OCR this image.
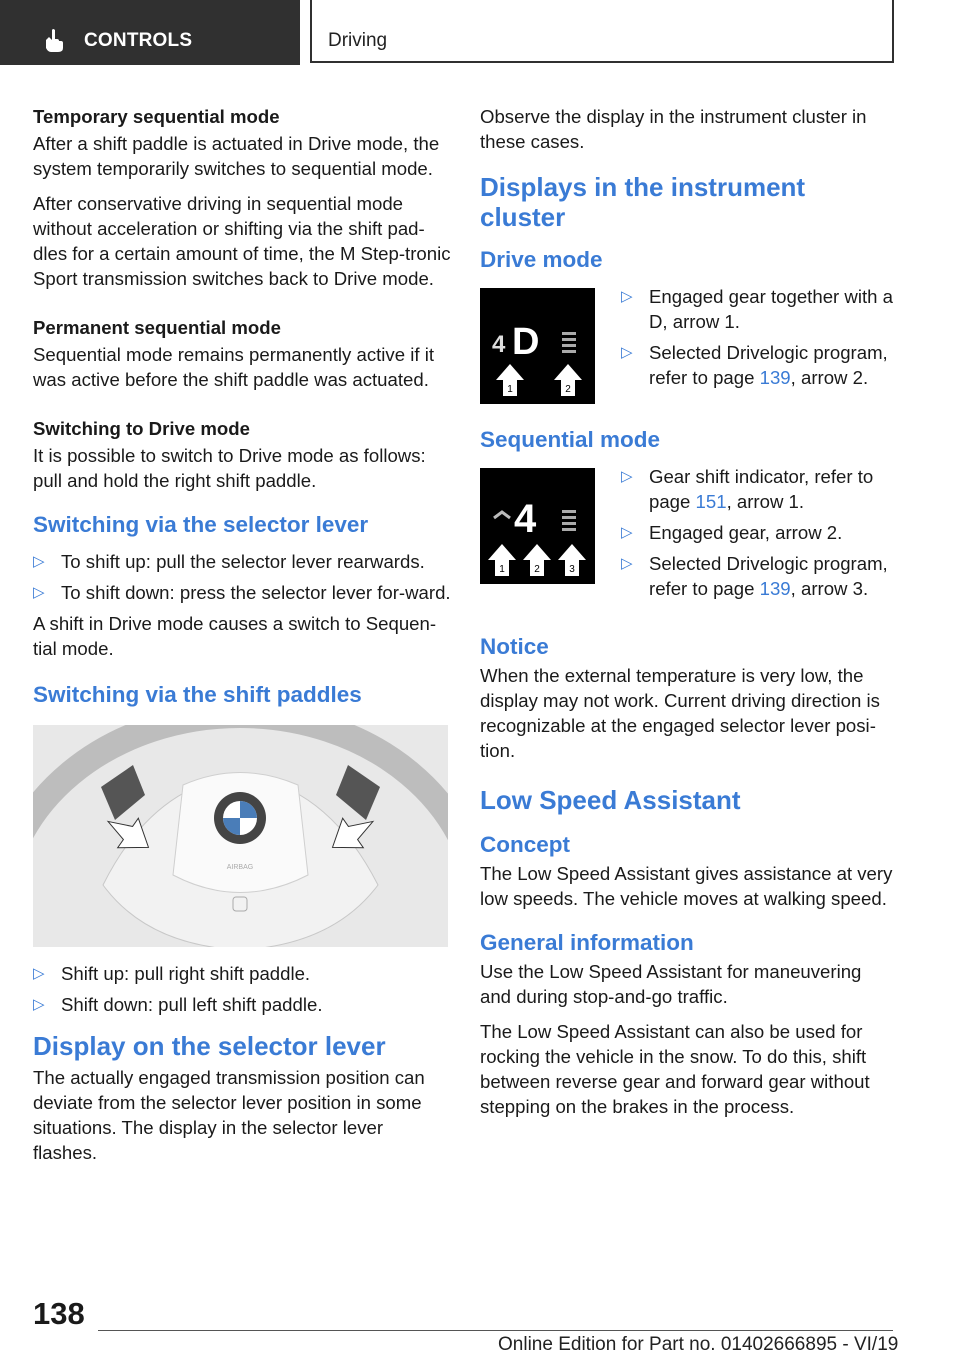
CONTROLS	Driving
Temporary sequential mode

After a shift paddle is actuated in Drive mode, the system temporarily switches to sequential mode.

After conservative driving in sequential mode without acceleration or shifting via the shift pad‐dles for a certain amount of time, the M Step‐tronic Sport transmission switches back to Drive mode.

Permanent sequential mode

Sequential mode remains permanently active if it was active before the shift paddle was actuated.

Switching to Drive mode

It is possible to switch to Drive mode as follows: pull and hold the right shift paddle.

Switching via the selector lever
▷ To shift up: pull the selector lever rearwards.
▷ To shift down: press the selector lever for‐ward.

A shift in Drive mode causes a switch to Sequen‐tial mode.

Switching via the shift paddles
AIRBAG
▷ Shift up: pull right shift paddle.
▷ Shift down: pull left shift paddle.
Display on the selector lever

The actually engaged transmission position can deviate from the selector lever position in some situations. The display in the selector lever flashes.

Observe the display in the instrument cluster in these cases.

Displays in the instrument cluster
Drive mode
4 D
1	2
▷ Engaged gear together with a D, arrow 1.
▷ Selected Drivelogic program, refer to page 139, arrow 2.
Sequential mode
4
1	2	3
▷ Gear shift indicator, refer to page 151, arrow 1.
▷ Engaged gear, arrow 2.
▷ Selected Drivelogic program, refer to page 139, arrow 3.
Notice

When the external temperature is very low, the display may not work. Current driving direction is recognizable at the engaged selector lever posi‐tion.

Low Speed Assistant
Concept

The Low Speed Assistant gives assistance at very low speeds. The vehicle moves at walking speed.

General information

Use the Low Speed Assistant for maneuvering and during stop-and-go traffic.

The Low Speed Assistant can also be used for rocking the vehicle in the snow. To do this, shift between reverse gear and forward gear without stepping on the brakes in the process.

138
Online Edition for Part no. 01402666895 - VI/19
